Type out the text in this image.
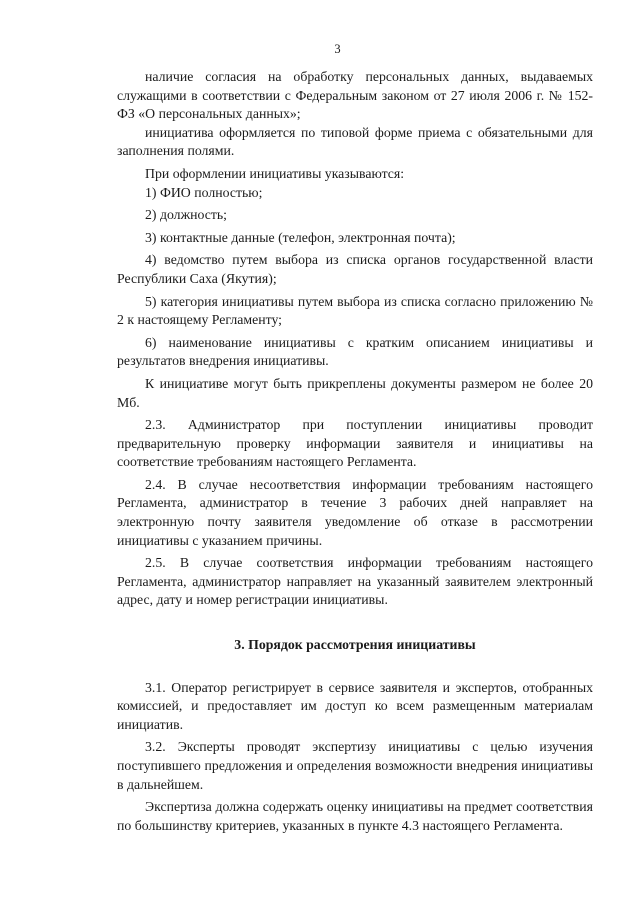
3

наличие согласия на обработку персональных данных, выдаваемых служащими в соответствии с Федеральным законом от 27 июля 2006 г. № 152-ФЗ «О персональных данных»;

инициатива оформляется по типовой форме приема с обязательными для заполнения полями.

При оформлении инициативы указываются:

1) ФИО полностью;

2) должность;

3) контактные данные (телефон, электронная почта);

4) ведомство путем выбора из списка органов государственной власти Республики Саха (Якутия);

5) категория инициативы путем выбора из списка согласно приложению № 2 к настоящему Регламенту;

6) наименование инициативы с кратким описанием инициативы и результатов внедрения инициативы.

К инициативе могут быть прикреплены документы размером не более 20 Мб.

2.3. Администратор при поступлении инициативы проводит предварительную проверку информации заявителя и инициативы на соответствие требованиям настоящего Регламента.

2.4. В случае несоответствия информации требованиям настоящего Регламента, администратор в течение 3 рабочих дней направляет на электронную почту заявителя уведомление об отказе в рассмотрении инициативы с указанием причины.

2.5. В случае соответствия информации требованиям настоящего Регламента, администратор направляет на указанный заявителем электронный адрес, дату и номер регистрации инициативы.

3. Порядок рассмотрения инициативы

3.1. Оператор регистрирует в сервисе заявителя и экспертов, отобранных комиссией, и предоставляет им доступ ко всем размещенным материалам инициатив.

3.2. Эксперты проводят экспертизу инициативы с целью изучения поступившего предложения и определения возможности внедрения инициативы в дальнейшем.

Экспертиза должна содержать оценку инициативы на предмет соответствия по большинству критериев, указанных в пункте 4.3 настоящего Регламента.
